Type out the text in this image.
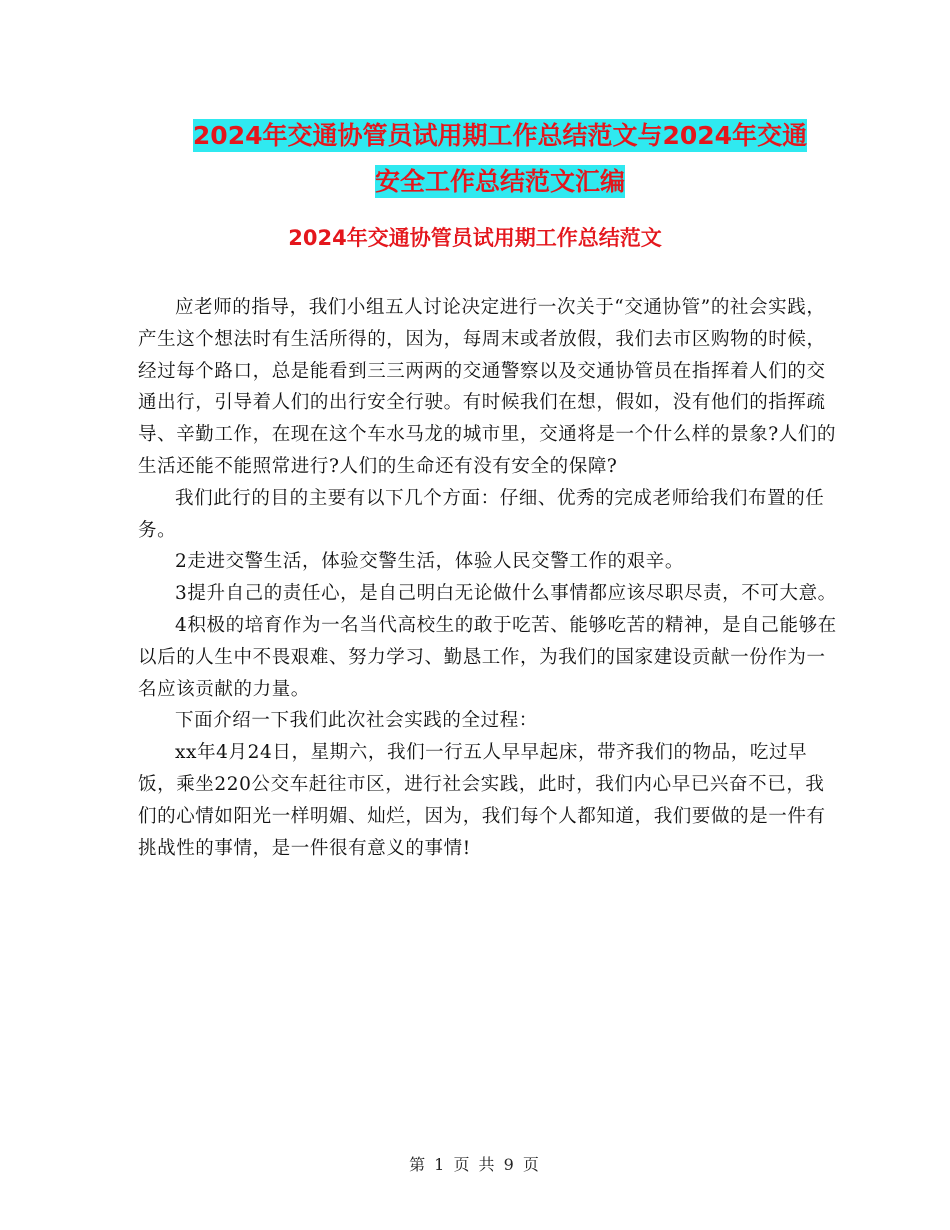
2024年交通协管员试用期工作总结范文与2024年交通
安全工作总结范文汇编
2024年交通协管员试用期工作总结范文

应老师的指导，我们小组五人讨论决定进行一次关于“交通协管”的社会实践，产生这个想法时有生活所得的，因为，每周末或者放假，我们去市区购物的时候，经过每个路口，总是能看到三三两两的交通警察以及交通协管员在指挥着人们的交通出行，引导着人们的出行安全行驶。有时候我们在想，假如，没有他们的指挥疏导、辛勤工作，在现在这个车水马龙的城市里，交通将是一个什么样的景象?人们的生活还能不能照常进行?人们的生命还有没有安全的保障?

我们此行的目的主要有以下几个方面：仔细、优秀的完成老师给我们布置的任务。

2走进交警生活，体验交警生活，体验人民交警工作的艰辛。

3提升自己的责任心，是自己明白无论做什么事情都应该尽职尽责，不可大意。

4积极的培育作为一名当代高校生的敢于吃苦、能够吃苦的精神，是自己能够在以后的人生中不畏艰难、努力学习、勤恳工作，为我们的国家建设贡献一份作为一名应该贡献的力量。

下面介绍一下我们此次社会实践的全过程：

xx年4月24日，星期六，我们一行五人早早起床，带齐我们的物品，吃过早饭，乘坐220公交车赶往市区，进行社会实践，此时，我们内心早已兴奋不已，我们的心情如阳光一样明媚、灿烂，因为，我们每个人都知道，我们要做的是一件有挑战性的事情，是一件很有意义的事情!

第 1 页 共 9 页
